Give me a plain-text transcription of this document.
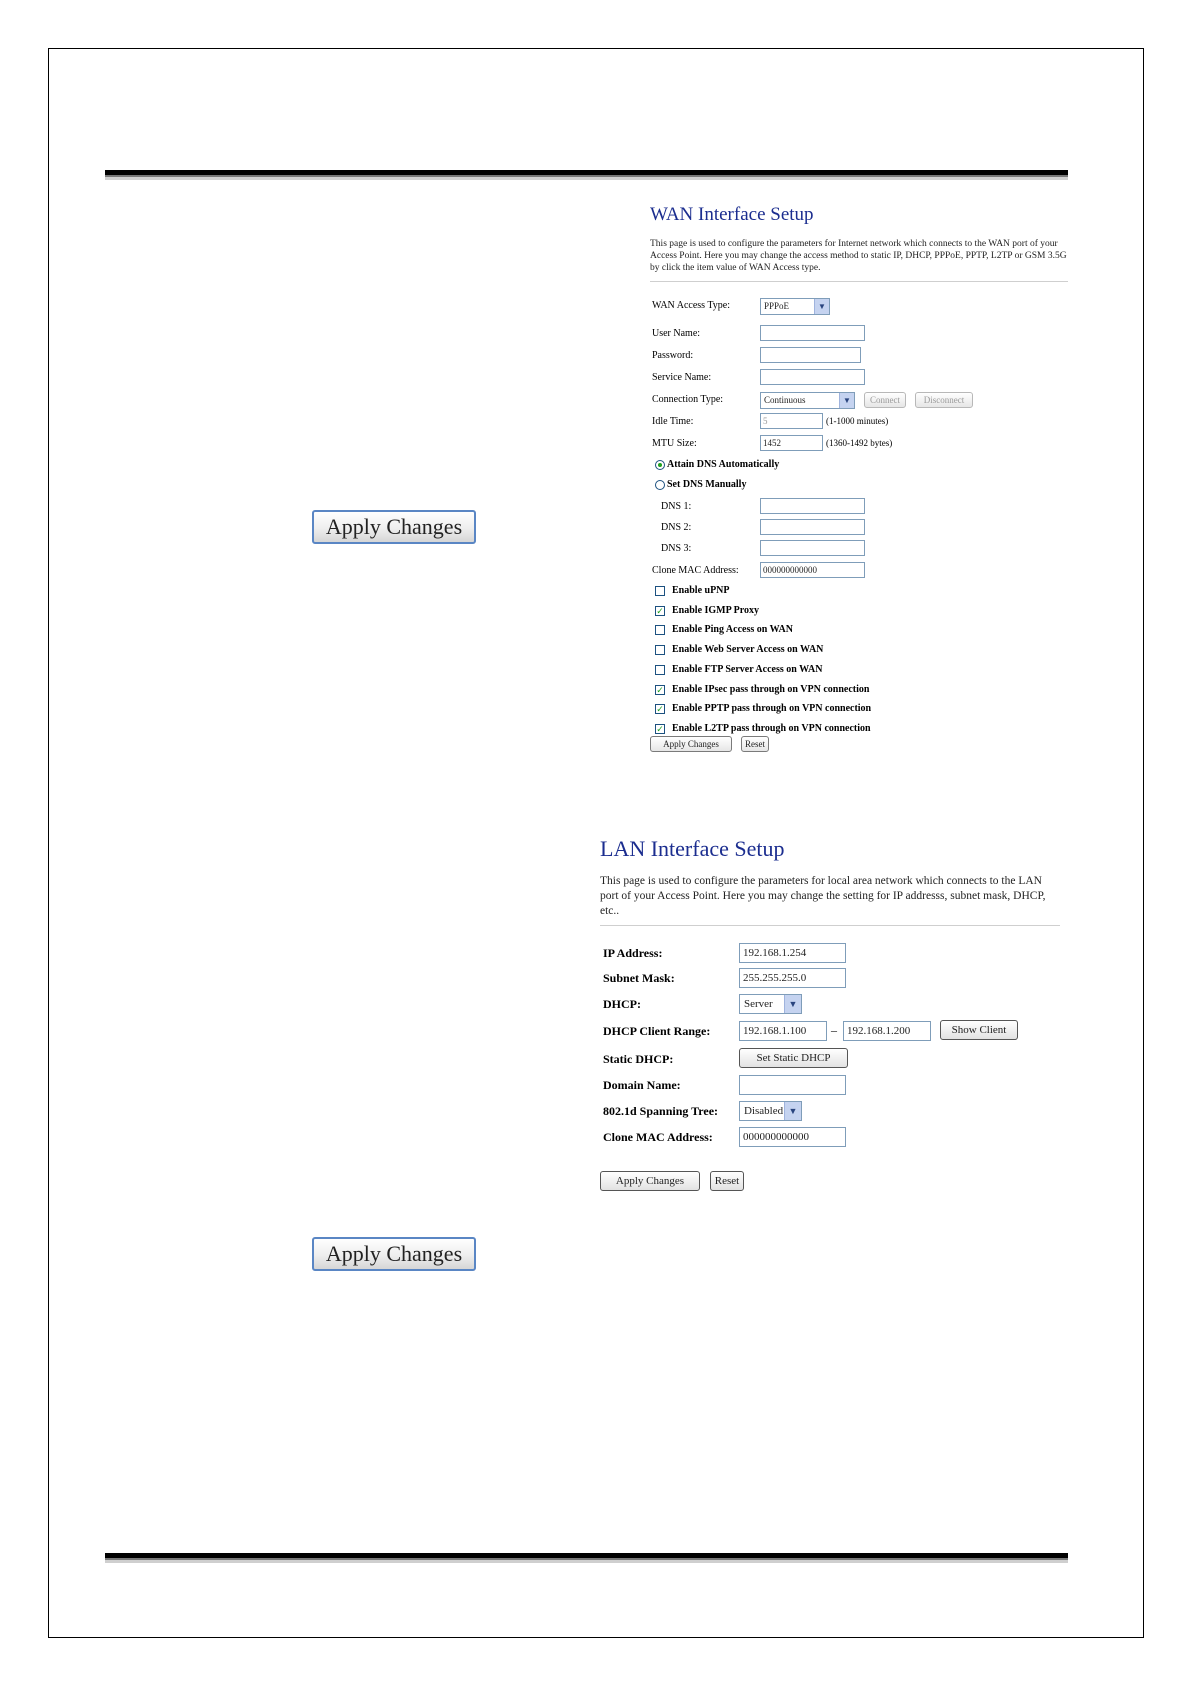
Apply Changes
Apply Changes
WAN Interface Setup
This page is used to configure the parameters for Internet network which connects to the WAN port of your Access Point. Here you may change the access method to static IP, DHCP, PPPoE, PPTP, L2TP or GSM 3.5G by click the item value of WAN Access type.
WAN Access Type:	PPPoE	▼
User Name:
Password:
Service Name:
Connection Type:	Continuous	▼	Connect	Disconnect
Idle Time:	5	(1-1000 minutes)
MTU Size:	1452	(1360-1492 bytes)
Attain DNS Automatically
Set DNS Manually
DNS 1:
DNS 2:
DNS 3:
Clone MAC Address:	000000000000
Enable uPNP
✓ Enable IGMP Proxy
Enable Ping Access on WAN
Enable Web Server Access on WAN
Enable FTP Server Access on WAN
✓ Enable IPsec pass through on VPN connection
✓ Enable PPTP pass through on VPN connection
✓ Enable L2TP pass through on VPN connection
Apply Changes	Reset
LAN Interface Setup
This page is used to configure the parameters for local area network which connects to the LAN port of your Access Point. Here you may change the setting for IP addresss, subnet mask, DHCP, etc..
IP Address:	192.168.1.254
Subnet Mask:	255.255.255.0
DHCP:	Server	▼
DHCP Client Range:	192.168.1.100	– 192.168.1.200	Show Client
Static DHCP:	Set Static DHCP
Domain Name:
802.1d Spanning Tree:	Disabled ▼
Clone MAC Address:	000000000000
Apply Changes	Reset
